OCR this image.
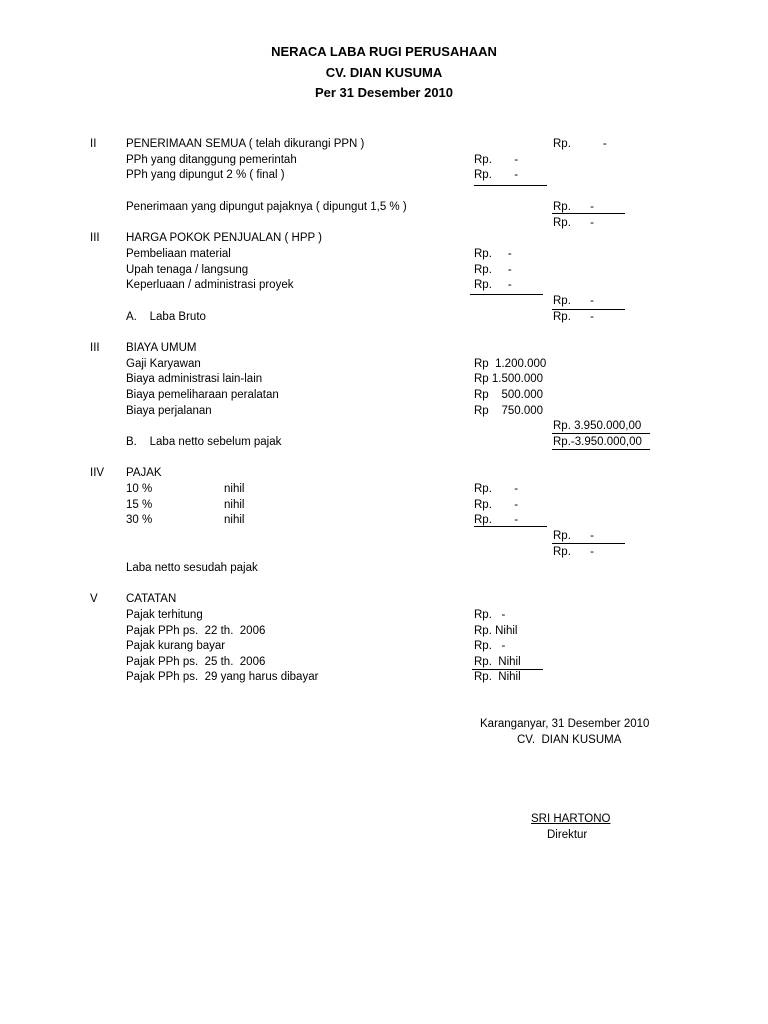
NERACA LABA RUGI PERUSAHAAN
CV. DIAN KUSUMA
Per 31 Desember 2010
II	PENERIMAAN SEMUA ( telah dikurangi PPN )	Rp.          -
PPh yang ditanggung pemerintah	Rp.       -
PPh yang dipungut 2 % ( final )	Rp.       -
Penerimaan yang dipungut pajaknya ( dipungut 1,5 % )	Rp.      -
Rp.      -
III HARGA POKOK PENJUALAN ( HPP )
Pembeliaan material	Rp.     -
Upah tenaga / langsung	Rp.     -
Keperluaan / administrasi proyek	Rp.     -
Rp.      -
A.    Laba Bruto	Rp.      -
III BIAYA UMUM
Gaji Karyawan	Rp  1.200.000
Biaya administrasi lain-lain	Rp 1.500.000
Biaya pemeliharaan peralatan	Rp    500.000
Biaya perjalanan	Rp    750.000
Rp. 3.950.000,00
B.    Laba netto sebelum pajak	Rp.-3.950.000,00
IIV PAJAK
10 %	nihil	Rp.       -
15 %	nihil	Rp.       -
30 %	nihil	Rp.       -
Rp.      -
Rp.      -
Laba netto sesudah pajak
V CATATAN
Pajak terhitung	Rp.   -
Pajak PPh ps.  22 th.  2006	Rp. Nihil
Pajak kurang bayar	Rp.   -
Pajak PPh ps.  25 th.  2006	Rp.  Nihil
Pajak PPh ps.  29 yang harus dibayar	Rp.  Nihil
Karanganyar, 31 Desember 2010
CV.  DIAN KUSUMA
SRI HARTONO
Direktur
